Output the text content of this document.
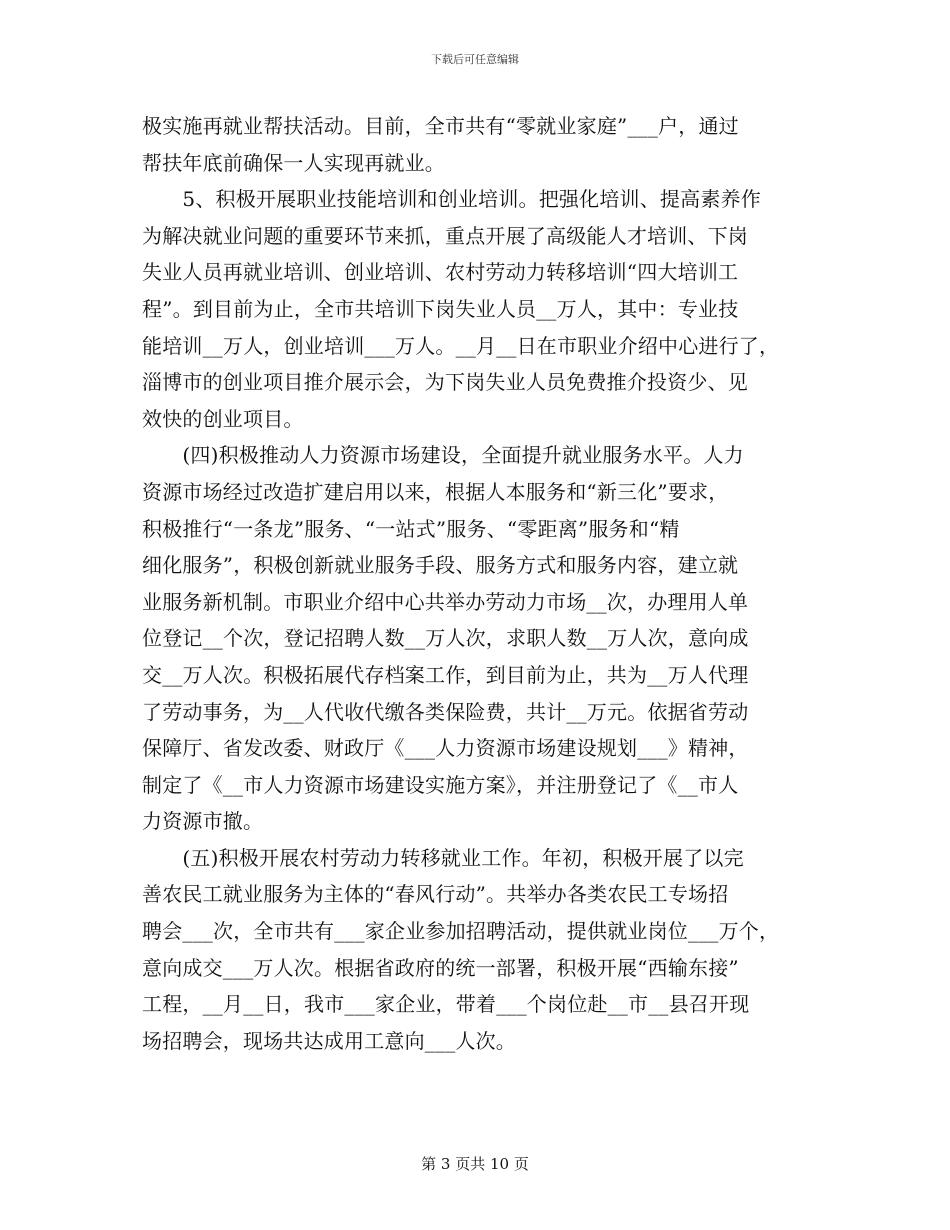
下载后可任意编辑
极实施再就业帮扶活动。目前，全市共有“零就业家庭”___户，通过
帮扶年底前确保一人实现再就业。
　　5、积极开展职业技能培训和创业培训。把强化培训、提高素养作
为解决就业问题的重要环节来抓，重点开展了高级能人才培训、下岗
失业人员再就业培训、创业培训、农村劳动力转移培训“四大培训工
程”。到目前为止，全市共培训下岗失业人员__万人，其中：专业技
能培训__万人，创业培训___万人。__月__日在市职业介绍中心进行了，
淄博市的创业项目推介展示会，为下岗失业人员免费推介投资少、见
效快的创业项目。
　　(四)积极推动人力资源市场建设，全面提升就业服务水平。人力
资源市场经过改造扩建启用以来，根据人本服务和“新三化”要求，
积极推行“一条龙”服务、“一站式”服务、“零距离”服务和“精
细化服务”，积极创新就业服务手段、服务方式和服务内容，建立就
业服务新机制。市职业介绍中心共举办劳动力市场__次，办理用人单
位登记__个次，登记招聘人数__万人次，求职人数__万人次，意向成
交__万人次。积极拓展代存档案工作，到目前为止，共为__万人代理
了劳动事务，为__人代收代缴各类保险费，共计__万元。依据省劳动
保障厅、省发改委、财政厅《___人力资源市场建设规划___》精神，
制定了《__市人力资源市场建设实施方案》，并注册登记了《__市人
力资源市撤。
　　(五)积极开展农村劳动力转移就业工作。年初，积极开展了以完
善农民工就业服务为主体的“春风行动”。共举办各类农民工专场招
聘会___次，全市共有___家企业参加招聘活动，提供就业岗位___万个，
意向成交___万人次。根据省政府的统一部署，积极开展“西输东接”
工程，__月__日，我市___家企业，带着___个岗位赴__市__县召开现
场招聘会，现场共达成用工意向___人次。
第 3 页共 10 页
